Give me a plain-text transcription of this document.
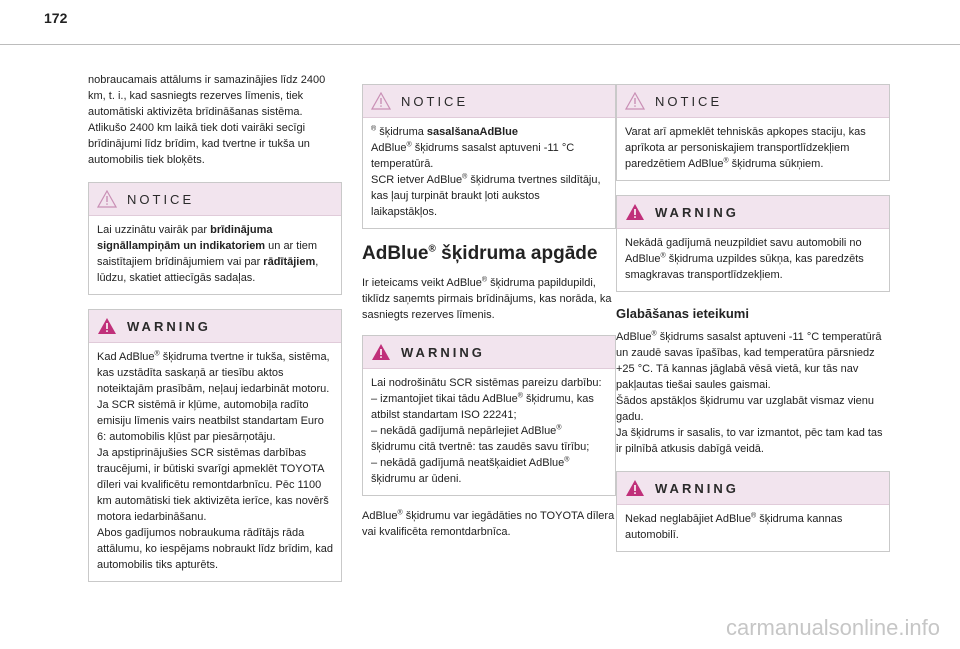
172

nobraucamais attālums ir samazinājies līdz 2400 km, t. i., kad sasniegts rezerves līmenis, tiek automātiski aktivizēta brīdināšanas sistēma. Atlikušo 2400 km laikā tiek doti vairāki secīgi brīdinājumi līdz brīdim, kad tvertne ir tukša un automobilis tiek bloķēts.

NOTICE

Lai uzzinātu vairāk par brīdinājuma signāllampiņām un indikatoriem un ar tiem saistītajiem brīdinājumiem vai par rādītājiem, lūdzu, skatiet attiecīgās sadaļas.

WARNING

Kad AdBlue® šķidruma tvertne ir tukša, sistēma, kas uzstādīta saskaņā ar tiesību aktos noteiktajām prasībām, neļauj iedarbināt motoru.

Ja SCR sistēmā ir kļūme, automobiļa radīto emisiju līmenis vairs neatbilst standartam Euro 6: automobilis kļūst par piesārņotāju.

Ja apstiprinājušies SCR sistēmas darbības traucējumi, ir būtiski svarīgi apmeklēt TOYOTA dīleri vai kvalificētu remontdarbnīcu. Pēc 1100 km automātiski tiek aktivizēta ierīce, kas novērš motora iedarbināšanu.

Abos gadījumos nobraukuma rādītājs rāda attālumu, ko iespējams nobraukt līdz brīdim, kad automobilis tiks apturēts.

NOTICE

® šķidruma sasalšanaAdBlue

AdBlue® šķidrums sasalst aptuveni -11 °C temperatūrā.

SCR ietver AdBlue® šķidruma tvertnes sildītāju, kas ļauj turpināt braukt ļoti aukstos laikapstākļos.

AdBlue® šķidruma apgāde

Ir ieteicams veikt AdBlue® šķidruma papildupildi, tiklīdz saņemts pirmais brīdinājums, kas norāda, ka sasniegts rezerves līmenis.

WARNING

Lai nodrošinātu SCR sistēmas pareizu darbību:

– izmantojiet tikai tādu AdBlue® šķidrumu, kas atbilst standartam ISO 22241;

– nekādā gadījumā nepārlejiet AdBlue® šķidrumu citā tvertnē: tas zaudēs savu tīrību;

– nekādā gadījumā neatšķaidiet AdBlue® šķidrumu ar ūdeni.

AdBlue® šķidrumu var iegādāties no TOYOTA dīlera vai kvalificēta remontdarbnīca.

NOTICE

Varat arī apmeklēt tehniskās apkopes staciju, kas aprīkota ar personiskajiem transportlīdzekļiem paredzētiem AdBlue® šķidruma sūkņiem.

WARNING

Nekādā gadījumā neuzpildiet savu automobili no AdBlue® šķidruma uzpildes sūkņa, kas paredzēts smagkravas transportlīdzekļiem.

Glabāšanas ieteikumi

AdBlue® šķidrums sasalst aptuveni -11 °C temperatūrā un zaudē savas īpašības, kad temperatūra pārsniedz +25 °C. Tā kannas jāglabā vēsā vietā, kur tās nav pakļautas tiešai saules gaismai.

Šādos apstākļos šķidrumu var uzglabāt vismaz vienu gadu.

Ja šķidrums ir sasalis, to var izmantot, pēc tam kad tas ir pilnībā atkusis dabīgā veidā.

WARNING

Nekad neglabājiet AdBlue® šķidruma kannas automobilī.

carmanualsonline.info
